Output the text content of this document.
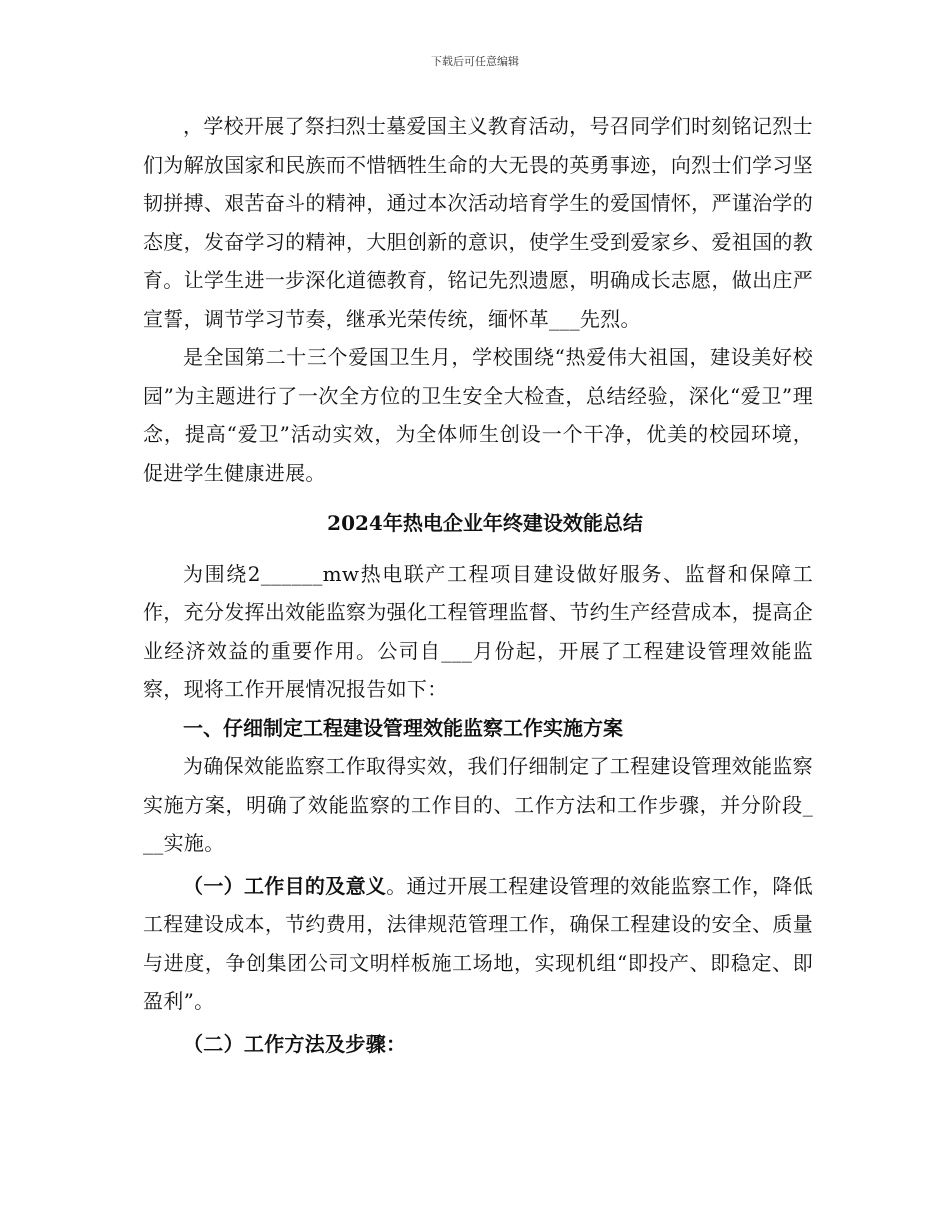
下载后可任意编辑

，学校开展了祭扫烈士墓爱国主义教育活动，号召同学们时刻铭记烈士们为解放国家和民族而不惜牺牲生命的大无畏的英勇事迹，向烈士们学习坚韧拼搏、艰苦奋斗的精神，通过本次活动培育学生的爱国情怀，严谨治学的态度，发奋学习的精神，大胆创新的意识，使学生受到爱家乡、爱祖国的教育。让学生进一步深化道德教育，铭记先烈遗愿，明确成长志愿，做出庄严宣誓，调节学习节奏，继承光荣传统，缅怀革___先烈。

是全国第二十三个爱国卫生月，学校围绕“热爱伟大祖国，建设美好校园”为主题进行了一次全方位的卫生安全大检查，总结经验，深化“爱卫”理念，提高“爱卫”活动实效，为全体师生创设一个干净，优美的校园环境，促进学生健康进展。

2024年热电企业年终建设效能总结

为围绕2______mw热电联产工程项目建设做好服务、监督和保障工作，充分发挥出效能监察为强化工程管理监督、节约生产经营成本，提高企业经济效益的重要作用。公司自___月份起，开展了工程建设管理效能监察，现将工作开展情况报告如下：

一、仔细制定工程建设管理效能监察工作实施方案

为确保效能监察工作取得实效，我们仔细制定了工程建设管理效能监察实施方案，明确了效能监察的工作目的、工作方法和工作步骤，并分阶段___实施。

（一）工作目的及意义。通过开展工程建设管理的效能监察工作，降低工程建设成本，节约费用，法律规范管理工作，确保工程建设的安全、质量与进度，争创集团公司文明样板施工场地，实现机组“即投产、即稳定、即盈利”。

（二）工作方法及步骤：
